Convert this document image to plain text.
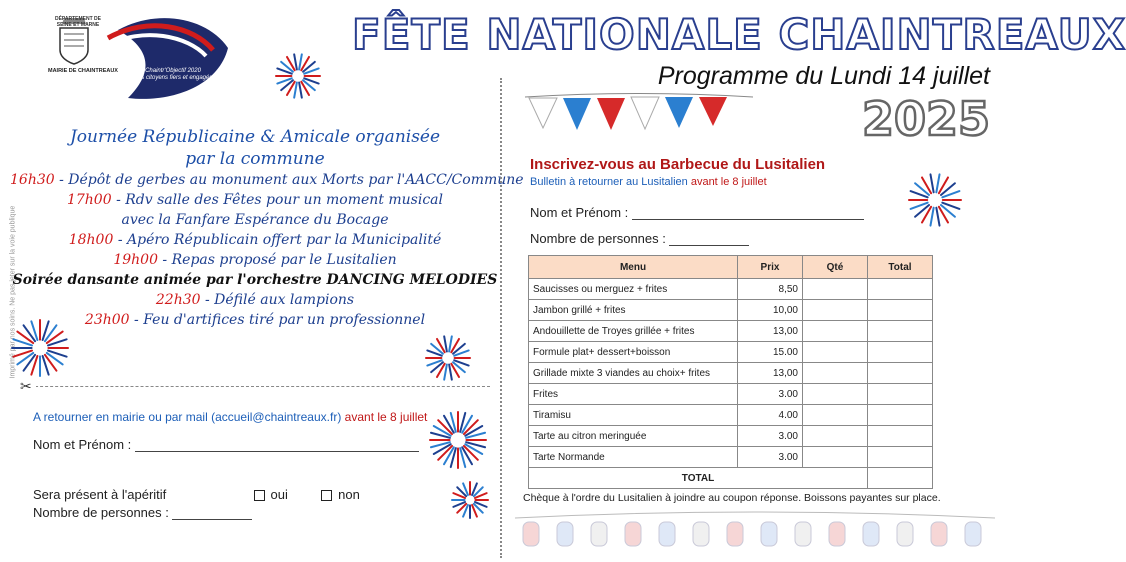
Imprimé par nos soins. Ne pas jeter sur la voie publique
DÉPARTEMENT DE SEINE ET MARNE
MAIRIE DE CHAINTREAUX	Chaintr'Objectif 2020
Des citoyens fiers et engagés
FÊTE NATIONALE CHAINTREAUX
Programme du Lundi 14 juillet
2025
Journée Républicaine & Amicale organisée
par la commune
16h30 - Dépôt de gerbes au monument aux Morts par l'AACC/Commune
17h00 - Rdv salle des Fêtes pour un moment musical
avec la Fanfare Espérance du Bocage
18h00 - Apéro Républicain offert par la Municipalité
19h00 - Repas proposé par le Lusitalien
Soirée dansante animée par l'orchestre DANCING MELODIES
22h30 - Défilé aux lampions
23h00 - Feu d'artifices tiré par un professionnel
✂
A retourner en mairie ou par mail (accueil@chaintreaux.fr) avant le 8 juillet
Nom et Prénom :
Sera présent à l'apéritif	oui	non
Nombre de personnes :
Inscrivez-vous au Barbecue du Lusitalien
Bulletin à retourner au Lusitalien avant le 8 juillet
Nom et Prénom :
Nombre de personnes :
Menu	Prix	Qté	Total
Saucisses ou merguez + frites	8,50		
Jambon grillé + frites	10,00		
Andouillette de Troyes grillée + frites	13,00		
Formule plat+ dessert+boisson	15.00		
Grillade mixte 3 viandes au choix+ frites	13,00		
Frites	3.00		
Tiramisu	4.00		
Tarte au citron meringuée	3.00		
Tarte Normande	3.00		
TOTAL			
Chèque à l'ordre du Lusitalien à joindre au coupon réponse. Boissons payantes sur place.
